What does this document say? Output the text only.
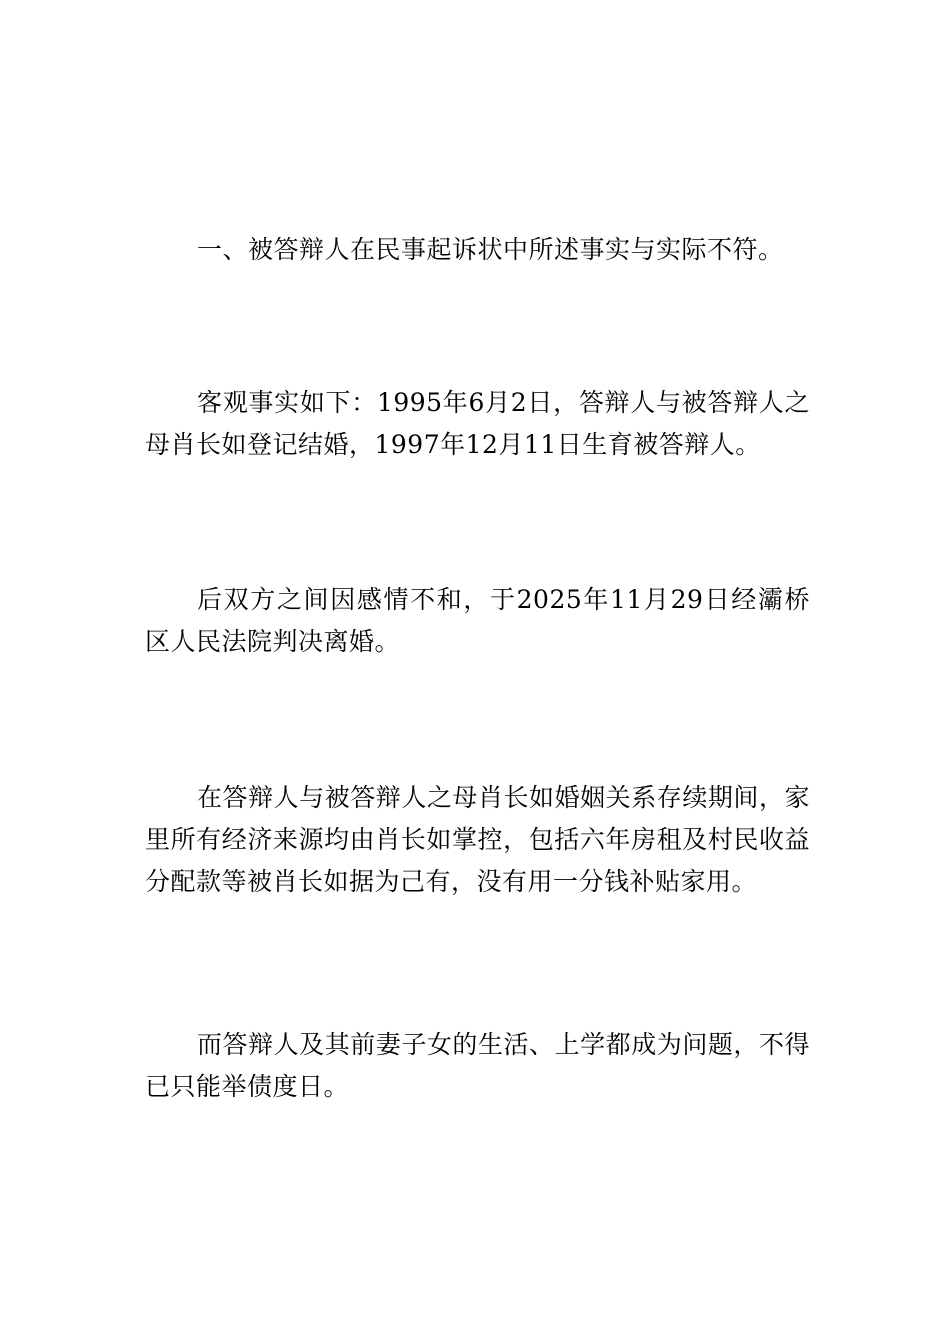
一、被答辩人在民事起诉状中所述事实与实际不符。

客观事实如下：1995年6月2日，答辩人与被答辩人之母肖长如登记结婚，1997年12月11日生育被答辩人。

后双方之间因感情不和，于2025年11月29日经灞桥区人民法院判决离婚。

在答辩人与被答辩人之母肖长如婚姻关系存续期间，家里所有经济来源均由肖长如掌控，包括六年房租及村民收益分配款等被肖长如据为己有，没有用一分钱补贴家用。

而答辩人及其前妻子女的生活、上学都成为问题，不得已只能举债度日。
